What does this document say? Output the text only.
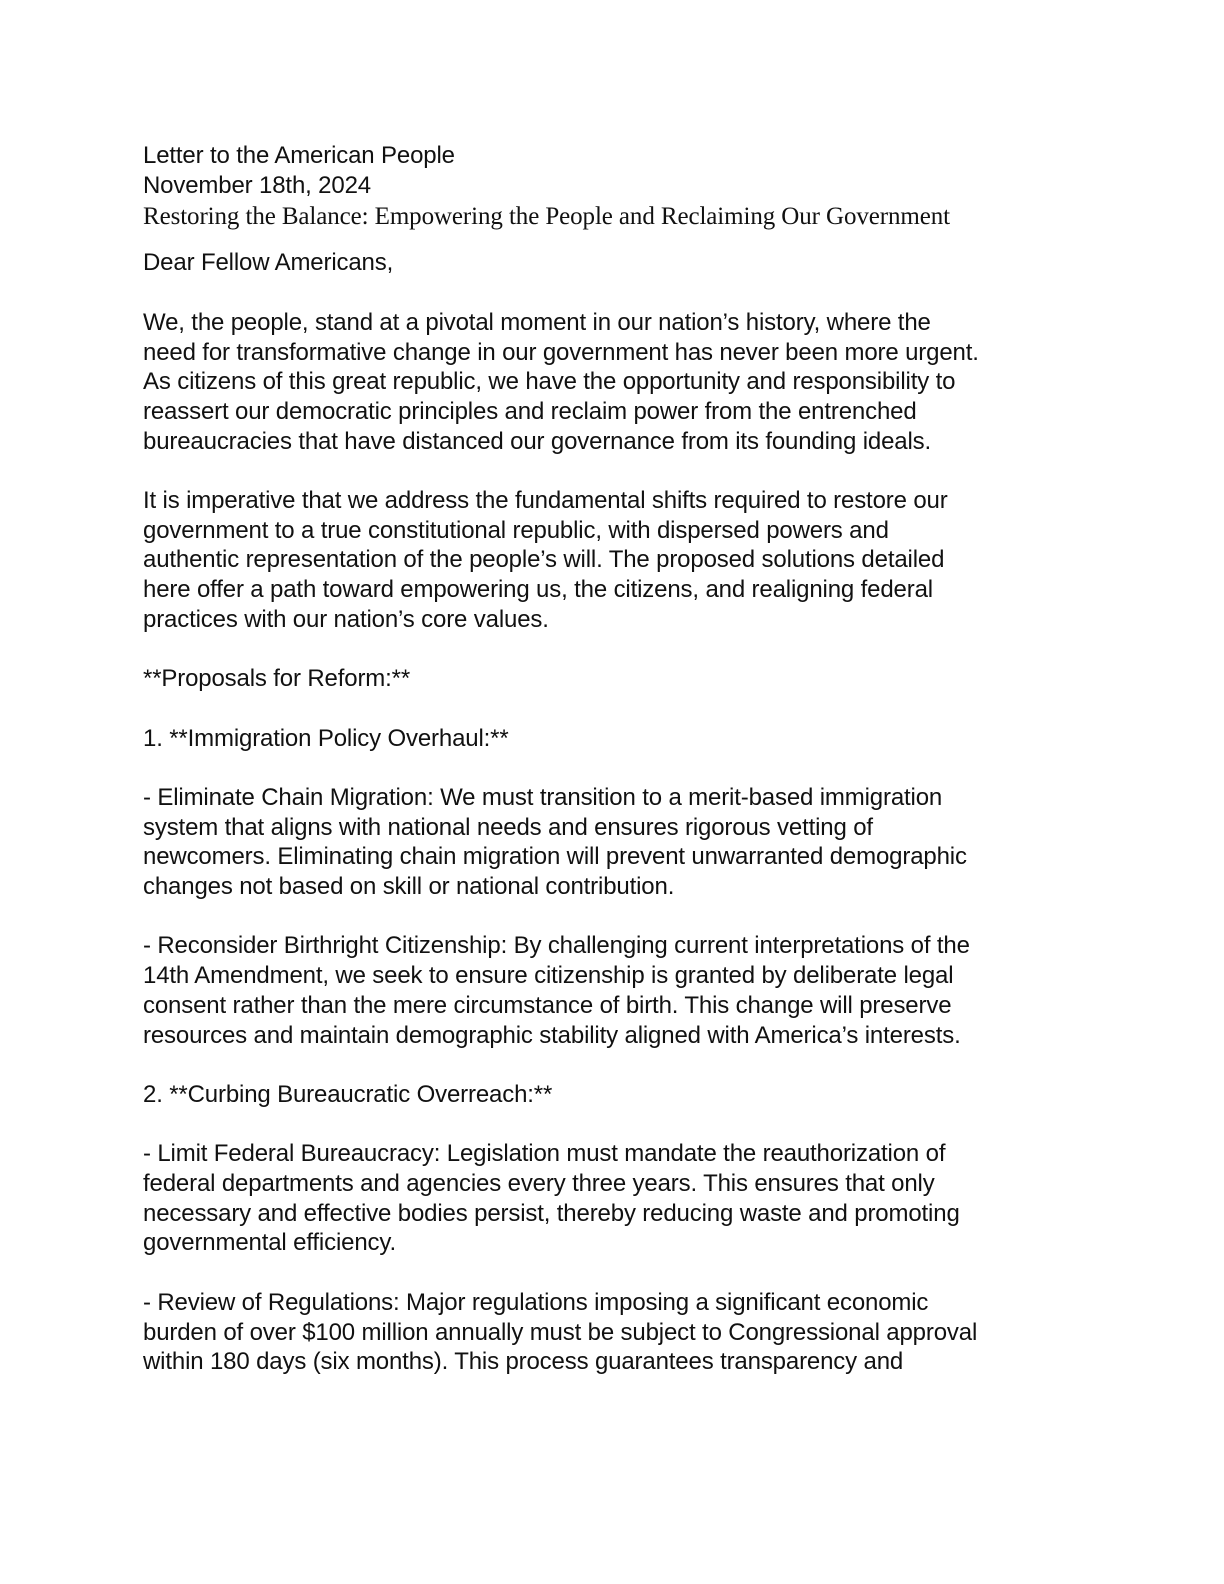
Letter to the American People
November 18th, 2024
Restoring the Balance: Empowering the People and Reclaiming Our Government
Dear Fellow Americans,
We, the people, stand at a pivotal moment in our nation’s history, where the
need for transformative change in our government has never been more urgent.
As citizens of this great republic, we have the opportunity and responsibility to
reassert our democratic principles and reclaim power from the entrenched
bureaucracies that have distanced our governance from its founding ideals.
It is imperative that we address the fundamental shifts required to restore our
government to a true constitutional republic, with dispersed powers and
authentic representation of the people’s will. The proposed solutions detailed
here offer a path toward empowering us, the citizens, and realigning federal
practices with our nation’s core values.
**Proposals for Reform:**
1. **Immigration Policy Overhaul:**
- Eliminate Chain Migration: We must transition to a merit-based immigration
system that aligns with national needs and ensures rigorous vetting of
newcomers. Eliminating chain migration will prevent unwarranted demographic
changes not based on skill or national contribution.
- Reconsider Birthright Citizenship: By challenging current interpretations of the
14th Amendment, we seek to ensure citizenship is granted by deliberate legal
consent rather than the mere circumstance of birth. This change will preserve
resources and maintain demographic stability aligned with America’s interests.
2. **Curbing Bureaucratic Overreach:**
- Limit Federal Bureaucracy: Legislation must mandate the reauthorization of
federal departments and agencies every three years. This ensures that only
necessary and effective bodies persist, thereby reducing waste and promoting
governmental efficiency.
- Review of Regulations: Major regulations imposing a significant economic
burden of over $100 million annually must be subject to Congressional approval
within 180 days (six months). This process guarantees transparency and
